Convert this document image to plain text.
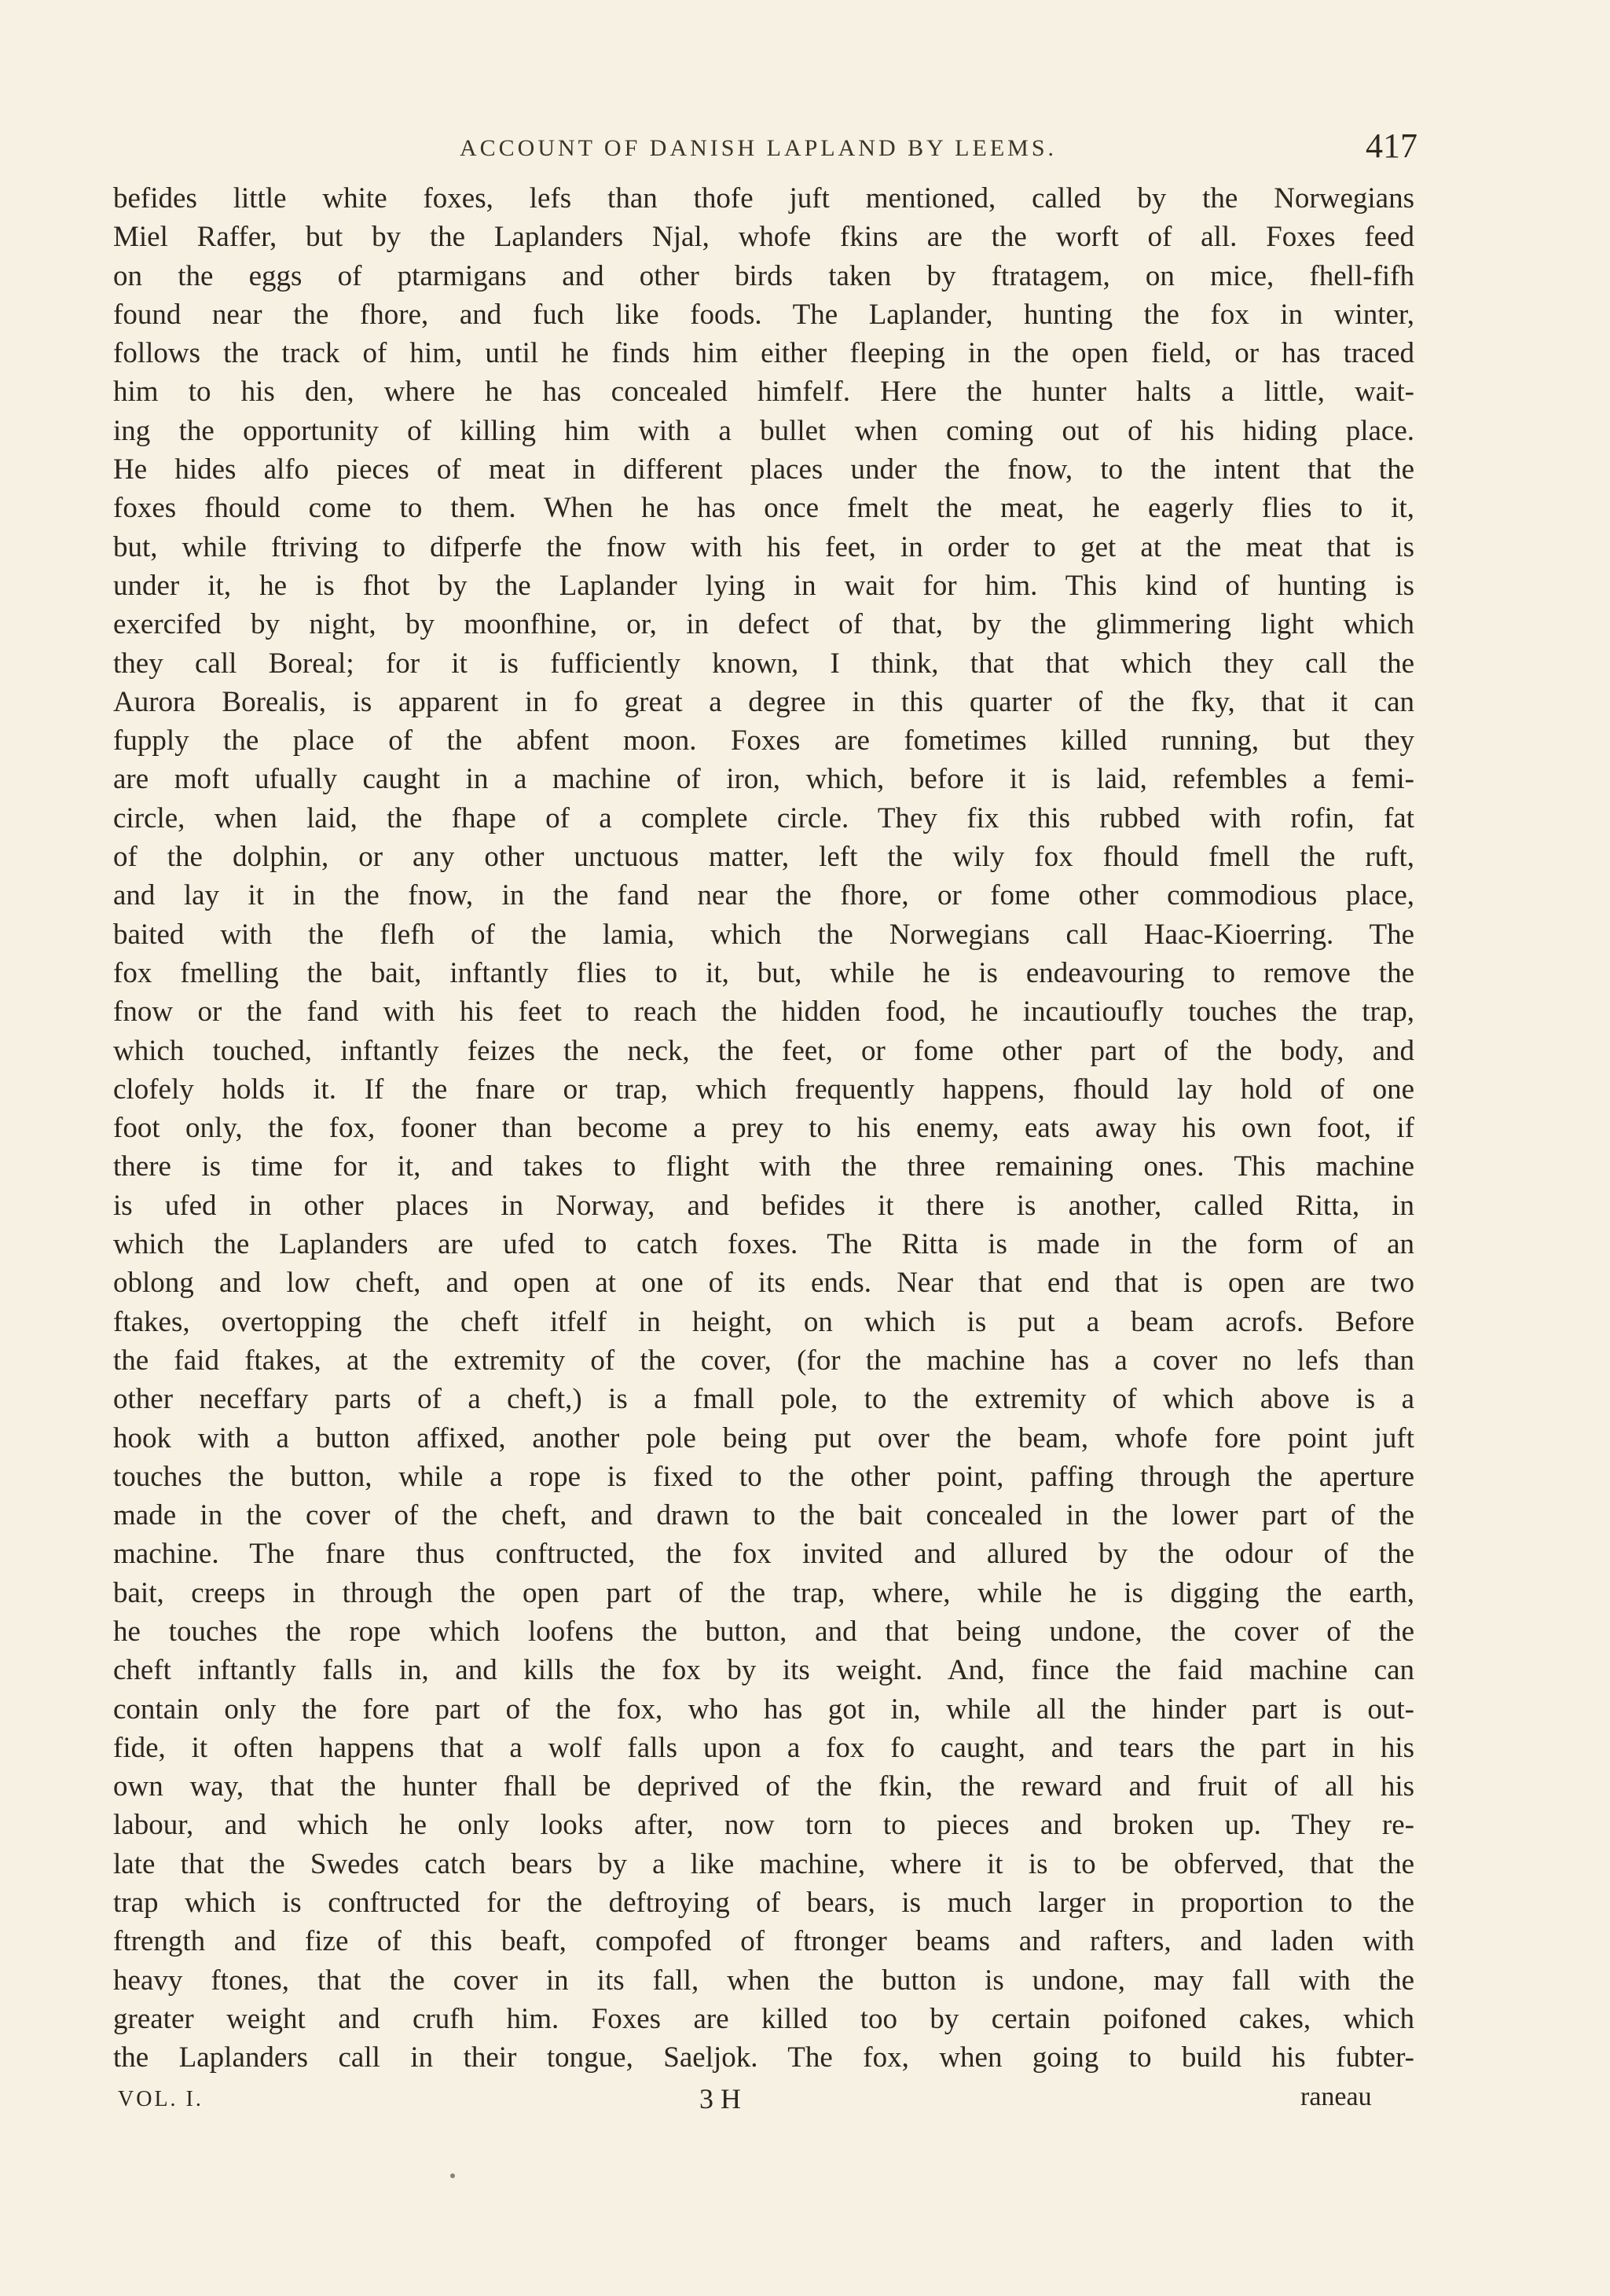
ACCOUNT OF DANISH LAPLAND BY LEEMS.	417
befides little white foxes, lefs than thofe juft mentioned, called by the Norwegians
Miel Raffer, but by the Laplanders Njal, whofe fkins are the worft of all. Foxes feed
on the eggs of ptarmigans and other birds taken by ftratagem, on mice, fhell-fifh
found near the fhore, and fuch like foods. The Laplander, hunting the fox in winter,
follows the track of him, until he finds him either fleeping in the open field, or has traced
him to his den, where he has concealed himfelf. Here the hunter halts a little, wait-
ing the opportunity of killing him with a bullet when coming out of his hiding place.
He hides alfo pieces of meat in different places under the fnow, to the intent that the
foxes fhould come to them. When he has once fmelt the meat, he eagerly flies to it,
but, while ftriving to difperfe the fnow with his feet, in order to get at the meat that is
under it, he is fhot by the Laplander lying in wait for him. This kind of hunting is
exercifed by night, by moonfhine, or, in defect of that, by the glimmering light which
they call Boreal; for it is fufficiently known, I think, that that which they call the
Aurora Borealis, is apparent in fo great a degree in this quarter of the fky, that it can
fupply the place of the abfent moon. Foxes are fometimes killed running, but they
are moft ufually caught in a machine of iron, which, before it is laid, refembles a femi-
circle, when laid, the fhape of a complete circle. They fix this rubbed with rofin, fat
of the dolphin, or any other unctuous matter, left the wily fox fhould fmell the ruft,
and lay it in the fnow, in the fand near the fhore, or fome other commodious place,
baited with the flefh of the lamia, which the Norwegians call Haac-Kioerring. The
fox fmelling the bait, inftantly flies to it, but, while he is endeavouring to remove the
fnow or the fand with his feet to reach the hidden food, he incautioufly touches the trap,
which touched, inftantly feizes the neck, the feet, or fome other part of the body, and
clofely holds it. If the fnare or trap, which frequently happens, fhould lay hold of one
foot only, the fox, fooner than become a prey to his enemy, eats away his own foot, if
there is time for it, and takes to flight with the three remaining ones. This machine
is ufed in other places in Norway, and befides it there is another, called Ritta, in
which the Laplanders are ufed to catch foxes. The Ritta is made in the form of an
oblong and low cheft, and open at one of its ends. Near that end that is open are two
ftakes, overtopping the cheft itfelf in height, on which is put a beam acrofs. Before
the faid ftakes, at the extremity of the cover, (for the machine has a cover no lefs than
other neceffary parts of a cheft,) is a fmall pole, to the extremity of which above is a
hook with a button affixed, another pole being put over the beam, whofe fore point juft
touches the button, while a rope is fixed to the other point, paffing through the aperture
made in the cover of the cheft, and drawn to the bait concealed in the lower part of the
machine. The fnare thus conftructed, the fox invited and allured by the odour of the
bait, creeps in through the open part of the trap, where, while he is digging the earth,
he touches the rope which loofens the button, and that being undone, the cover of the
cheft inftantly falls in, and kills the fox by its weight. And, fince the faid machine can
contain only the fore part of the fox, who has got in, while all the hinder part is out-
fide, it often happens that a wolf falls upon a fox fo caught, and tears the part in his
own way, that the hunter fhall be deprived of the fkin, the reward and fruit of all his
labour, and which he only looks after, now torn to pieces and broken up. They re-
late that the Swedes catch bears by a like machine, where it is to be obferved, that the
trap which is conftructed for the deftroying of bears, is much larger in proportion to the
ftrength and fize of this beaft, compofed of ftronger beams and rafters, and laden with
heavy ftones, that the cover in its fall, when the button is undone, may fall with the
greater weight and crufh him. Foxes are killed too by certain poifoned cakes, which
the Laplanders call in their tongue, Saeljok. The fox, when going to build his fubter-
VOL. I.	3 H	raneau
